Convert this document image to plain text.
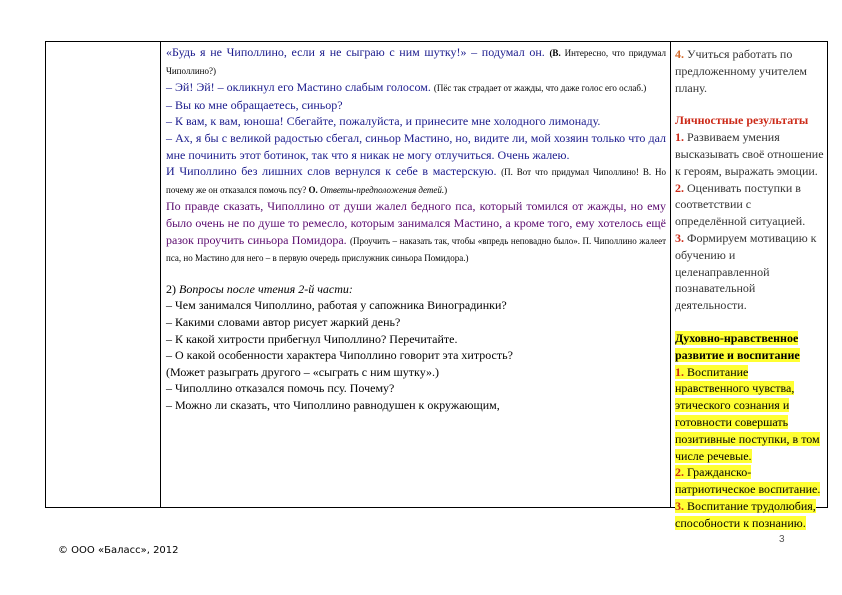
«Будь я не Чиполлино, если я не сыграю с ним шутку!» – подумал он. (В. Интересно, что придумал Чиполлино?)

– Эй! Эй! – окликнул его Мастино слабым голосом. (Пёс так страдает от жажды, что даже голос его ослаб.)

– Вы ко мне обращаетесь, синьор?

– К вам, к вам, юноша! Сбегайте, пожалуйста, и принесите мне холодного лимонаду.

– Ах, я бы с великой радостью сбегал, синьор Мастино, но, видите ли, мой хозяин только что дал мне починить этот ботинок, так что я никак не могу отлучиться. Очень жалею.

И Чиполлино без лишних слов вернулся к себе в мастерскую. (П. Вот что придумал Чиполлино! В. Но почему же он отказался помочь псу? О. Ответы-предположения детей.)

По правде сказать, Чиполлино от души жалел бедного пса, который томился от жажды, но ему было очень не по душе то ремесло, которым занимался Мастино, а кроме того, ему хотелось ещё разок проучить синьора Помидора. (Проучить – наказать так, чтобы «впредь неповадно было». П. Чиполлино жалеет пса, но Мастино для него – в первую очередь прислужник синьора Помидора.)

2) Вопросы после чтения 2-й части:

– Чем занимался Чиполлино, работая у сапожника Виноградинки?

– Какими словами автор рисует жаркий день?

– К какой хитрости прибегнул Чиполлино? Перечитайте.

– О какой особенности характера Чиполлино говорит эта хитрость?

(Может разыграть другого – «сыграть с ним шутку».)

– Чиполлино отказался помочь псу. Почему?

– Можно ли сказать, что Чиполлино равнодушен к окружающим,

4. Учиться работать по предложенному учителем плану.

Личностные результаты

1. Развиваем умения высказывать своё отношение к героям, выражать эмоции.

2. Оценивать поступки в соответствии с определённой ситуацией.

3. Формируем мотивацию к обучению и целенаправленной познавательной деятельности.

Духовно-нравственное развитие и воспитание

1. Воспитание нравственного чувства, этического сознания и готовности совершать позитивные поступки, в том числе речевые.

2. Гражданско-патриотическое воспитание.

3. Воспитание трудолюбия, способности к познанию.

3
© ООО «Баласс», 2012
